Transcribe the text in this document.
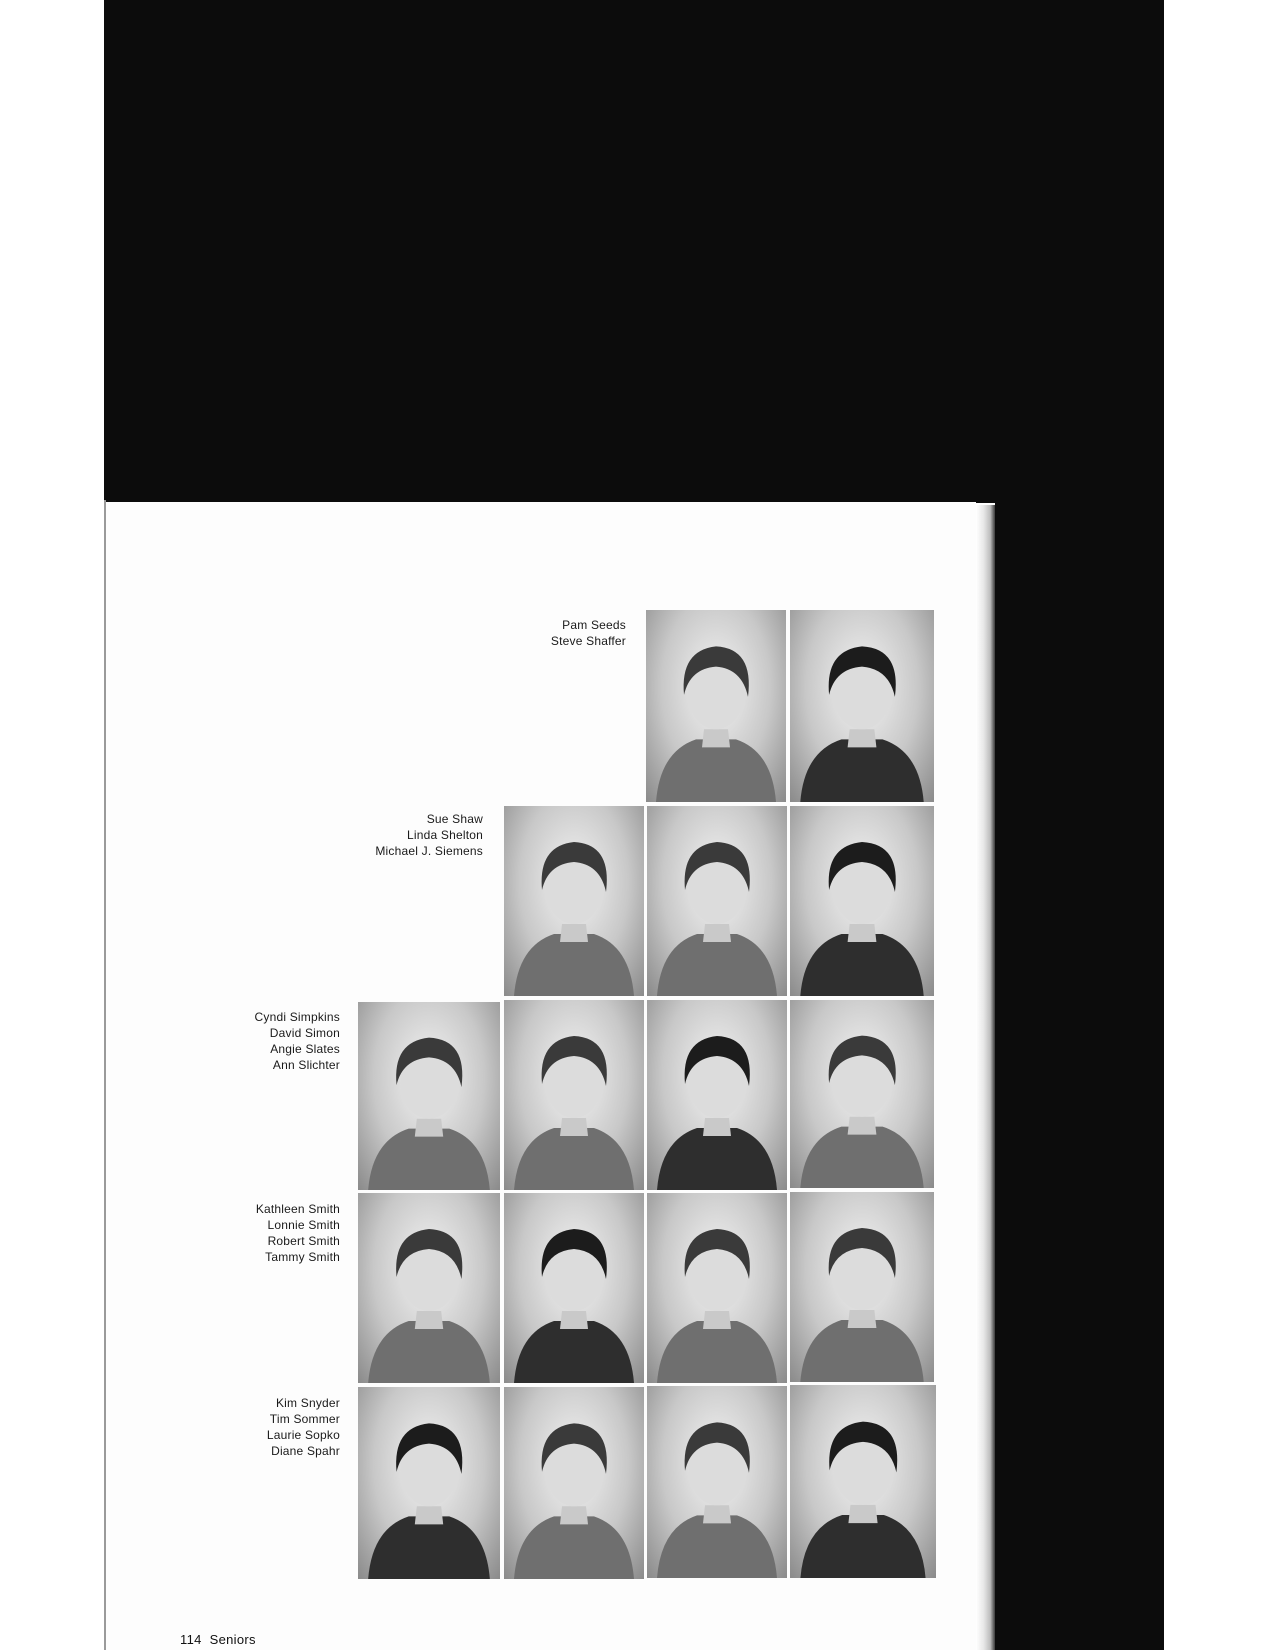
Pam Seeds
Steve Shaffer
Sue Shaw
Linda Shelton
Michael J. Siemens
Cyndi Simpkins
David Simon
Angie Slates
Ann Slichter
Kathleen Smith
Lonnie Smith
Robert Smith
Tammy Smith
Kim Snyder
Tim Sommer
Laurie Sopko
Diane Spahr
114 Seniors
